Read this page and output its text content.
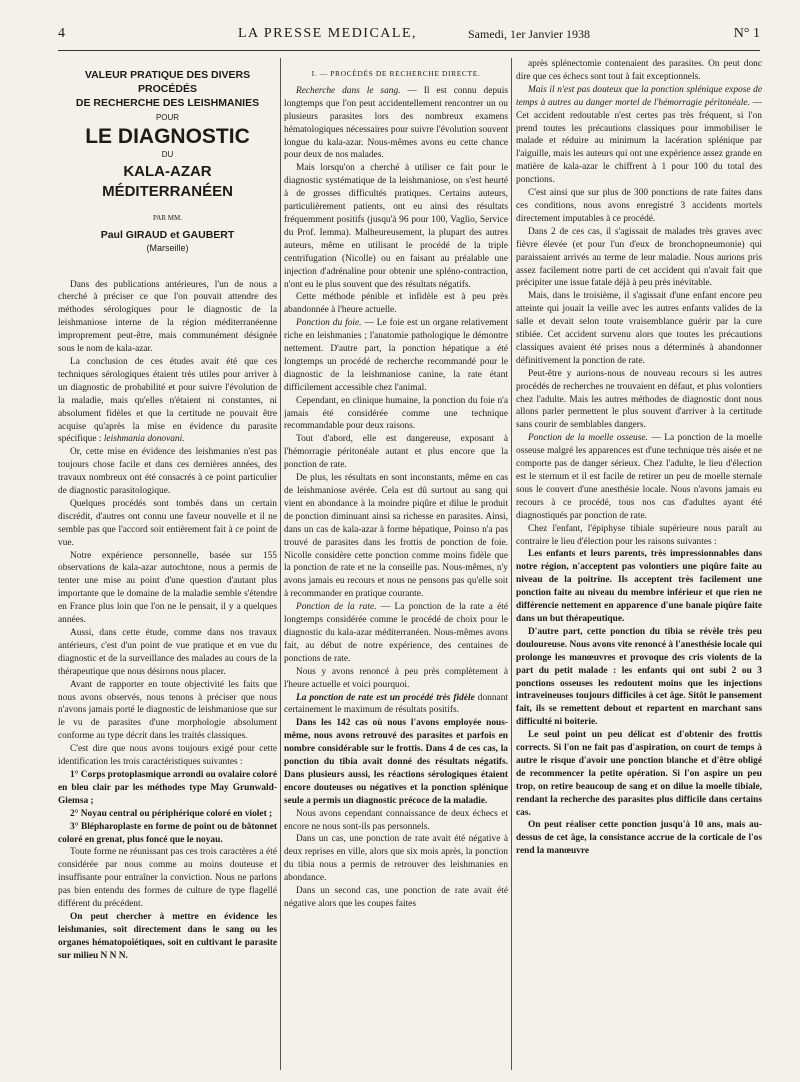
4	LA PRESSE MEDICALE,	Samedi, 1er Janvier 1938	N° 1
VALEUR PRATIQUE DES DIVERS PROCÉDÉS
DE RECHERCHE DES LEISHMANIES
POUR
LE DIAGNOSTIC
DU
KALA-AZAR MÉDITERRANÉEN
PAR MM.
Paul GIRAUD et GAUBERT
(Marseille)

Dans des publications antérieures, l'un de nous a cherché à préciser ce que l'on pouvait attendre des méthodes sérologiques pour le diagnostic de la leishmaniose interne de la région méditerranéenne improprement peut-être, mais communément désignée sous le nom de kala-azar.

La conclusion de ces études avait été que ces techniques sérologiques étaient très utiles pour arriver à un diagnostic de probabilité et pour suivre l'évolution de la maladie, mais qu'elles n'étaient ni constantes, ni absolument fidèles et que la certitude ne pouvait être acquise qu'après la mise en évidence du parasite spécifique : leishmania donovani.

Or, cette mise en évidence des leishmanies n'est pas toujours chose facile et dans ces dernières années, des travaux nombreux ont été consacrés à ce point particulier de diagnostic parasitologique.

Quelques procédés sont tombés dans un certain discrédit, d'autres ont connu une faveur nouvelle et il ne semble pas que l'accord soit entièrement fait à ce point de vue.

Notre expérience personnelle, basée sur 155 observations de kala-azar autochtone, nous a permis de tenter une mise au point d'une question d'autant plus importante que le domaine de la maladie semble s'étendre en France plus loin que l'on ne le pensait, il y a quelques années.

Aussi, dans cette étude, comme dans nos travaux antérieurs, c'est d'un point de vue pratique et en vue du diagnostic et de la surveillance des malades au cours de la thérapeutique que nous désirons nous placer.

Avant de rapporter en toute objectivité les faits que nous avons observés, nous tenons à préciser que nous n'avons jamais porté le diagnostic de leishmaniose que sur le vu de parasites d'une morphologie absolument conforme au type décrit dans les traités classiques.

C'est dire que nous avons toujours exigé pour cette identification les trois caractéristiques suivantes :

1° Corps protoplasmique arrondi ou ovalaire coloré en bleu clair par les méthodes type May Grunwald-Giemsa ;

2° Noyau central ou périphérique coloré en violet ;

3° Blépharoplaste en forme de point ou de bâtonnet coloré en grenat, plus foncé que le noyau.

Toute forme ne réunissant pas ces trois caractères a été considérée par nous comme au moins douteuse et insuffisante pour entraîner la conviction. Nous ne parlons pas bien entendu des formes de culture de type flagellé différent du précédent.

On peut chercher à mettre en évidence les leishmanies, soit directement dans le sang ou les organes hématopoïétiques, soit en cultivant le parasite sur milieu N N N.

I. — PROCÉDÉS DE RECHERCHE DIRECTE.

Recherche dans le sang. — Il est connu depuis longtemps que l'on peut accidentellement rencontrer un ou plusieurs parasites lors des nombreux examens hématologiques nécessaires pour suivre l'évolution souvent longue du kala-azar. Nous-mêmes avons eu cette chance pour deux de nos malades.

Mais lorsqu'on a cherché à utiliser ce fait pour le diagnostic systématique de la leishmaniose, on s'est heurté à de grosses difficultés pratiques. Certains auteurs, particulièrement patients, ont eu ainsi des résultats fréquemment positifs (jusqu'à 96 pour 100, Vaglio, Service du Prof. Iemma). Malheureusement, la plupart des autres auteurs, même en utilisant le procédé de la triple centrifugation (Nicolle) ou en faisant au préalable une injection d'adrénaline pour obtenir une spléno-contraction, n'ont eu le plus souvent que des résultats négatifs.

Cette méthode pénible et infidèle est à peu près abandonnée à l'heure actuelle.

Ponction du foie. — Le foie est un organe relativement riche en leishmanies ; l'anatomie pathologique le démontre nettement. D'autre part, la ponction hépatique a été longtemps un procédé de recherche recommandé pour le diagnostic de la leishmaniose canine, la rate étant difficilement accessible chez l'animal.

Cependant, en clinique humaine, la ponction du foie n'a jamais été considérée comme une technique recommandable pour deux raisons.

Tout d'abord, elle est dangereuse, exposant à l'hémorragie péritonéale autant et plus encore que la ponction de rate.

De plus, les résultats en sont inconstants, même en cas de leishmaniose avérée. Cela est dû surtout au sang qui vient en abondance à la moindre piqûre et dilue le produit de ponction diminuant ainsi sa richesse en parasites. Ainsi, dans un cas de kala-azar à forme hépatique, Poinso n'a pas trouvé de parasites dans les frottis de ponction de foie. Nicolle considère cette ponction comme moins fidèle que la ponction de rate et ne la conseille pas. Nous-mêmes, n'y avons jamais eu recours et nous ne pensons pas qu'elle soit à recommander en pratique courante.

Ponction de la rate. — La ponction de la rate a été longtemps considérée comme le procédé de choix pour le diagnostic du kala-azar méditerranéen. Nous-mêmes avons fait, au début de notre expérience, des centaines de ponctions de rate.

Nous y avons renoncé à peu près complètement à l'heure actuelle et voici pourquoi.

La ponction de rate est un procédé très fidèle donnant certainement le maximum de résultats positifs.

Dans les 142 cas où nous l'avons employée nous-même, nous avons retrouvé des parasites et parfois en nombre considérable sur le frottis. Dans 4 de ces cas, la ponction du tibia avait donné des résultats négatifs. Dans plusieurs aussi, les réactions sérologiques étaient encore douteuses ou négatives et la ponction splénique seule a permis un diagnostic précoce de la maladie.

Nous avons cependant connaissance de deux échecs et encore ne nous sont-ils pas personnels.

Dans un cas, une ponction de rate avait été négative à deux reprises en ville, alors que six mois après, la ponction du tibia nous a permis de retrouver des leishmanies en abondance.

Dans un second cas, une ponction de rate avait été négative alors que les coupes faites

après splénectomie contenaient des parasites. On peut donc dire que ces échecs sont tout à fait exceptionnels.

Mais il n'est pas douteux que la ponction splénique expose de temps à autres au danger mortel de l'hémorragie péritonéale. — Cet accident redoutable n'est certes pas très fréquent, si l'on prend toutes les précautions classiques pour immobiliser le malade et réduire au minimum la lacération splénique par l'aiguille, mais les auteurs qui ont une expérience assez grande en matière de kala-azar le chiffrent à 1 pour 100 du total des ponctions.

C'est ainsi que sur plus de 300 ponctions de rate faites dans ces conditions, nous avons enregistré 3 accidents mortels directement imputables à ce procédé.

Dans 2 de ces cas, il s'agissait de malades très graves avec fièvre élevée (et pour l'un d'eux de bronchopneumonie) qui paraissaient arrivés au terme de leur maladie. Nous aurions pris assez facilement notre parti de cet accident qui n'avait fait que précipiter une issue fatale déjà à peu près inévitable.

Mais, dans le troisième, il s'agissait d'une enfant encore peu atteinte qui jouait la veille avec les autres enfants valides de la salle et devait selon toute vraisemblance guérir par la cure stibiée. Cet accident survenu alors que toutes les précautions classiques avaient été prises nous a déterminés à abandonner définitivement la ponction de rate.

Peut-être y aurions-nous de nouveau recours si les autres procédés de recherches ne trouvaient en défaut, et plus volontiers chez l'adulte. Mais les autres méthodes de diagnostic dont nous allons parler permettent le plus souvent d'arriver à la certitude sans courir de semblables dangers.

Ponction de la moelle osseuse. — La ponction de la moelle osseuse malgré les apparences est d'une technique très aisée et ne comporte pas de danger sérieux. Chez l'adulte, le lieu d'élection est le sternum et il est facile de retirer un peu de moelle sternale sous le couvert d'une anesthésie locale. Nous n'avons jamais eu recours à ce procédé, tous nos cas d'adultes ayant été diagnostiqués par ponction de rate.

Chez l'enfant, l'épiphyse tibiale supérieure nous paraît au contraire le lieu d'élection pour les raisons suivantes :

Les enfants et leurs parents, très impressionnables dans notre région, n'acceptent pas volontiers une piqûre faite au niveau de la poitrine. Ils acceptent très facilement une ponction faite au niveau du membre inférieur et que rien ne différencie nettement en apparence d'une banale piqûre faite dans un but thérapeutique.

D'autre part, cette ponction du tibia se révèle très peu douloureuse. Nous avons vite renoncé à l'anesthésie locale qui prolonge les manœuvres et provoque des cris violents de la part du petit malade : les enfants qui ont subi 2 ou 3 ponctions osseuses les redoutent moins que les injections intraveineuses toujours difficiles à cet âge. Sitôt le pansement fait, ils se remettent debout et repartent en marchant sans difficulté ni boiterie.

Le seul point un peu délicat est d'obtenir des frottis corrects. Si l'on ne fait pas d'aspiration, on court de temps à autre le risque d'avoir une ponction blanche et d'être obligé de recommencer la petite opération. Si l'on aspire un peu trop, on retire beaucoup de sang et on dilue la moelle tibiale, rendant la recherche des parasites plus difficile dans certains cas.

On peut réaliser cette ponction jusqu'à 10 ans, mais au-dessus de cet âge, la consistance accrue de la corticale de l'os rend la manœuvre
